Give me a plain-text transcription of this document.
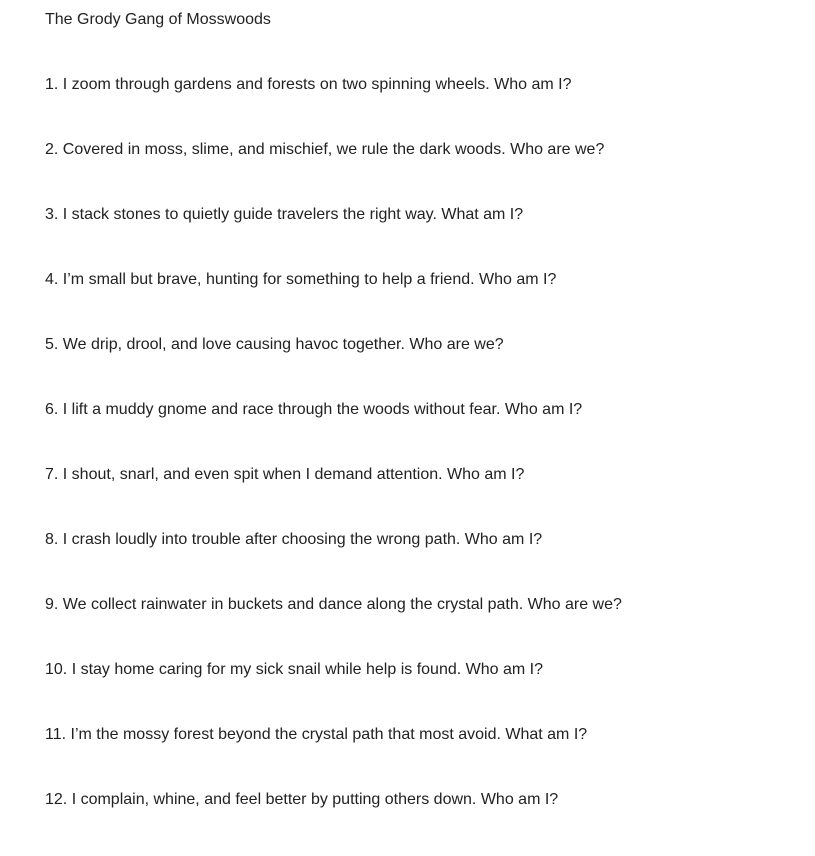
The Grody Gang of Mosswoods
1. I zoom through gardens and forests on two spinning wheels. Who am I?
2. Covered in moss, slime, and mischief, we rule the dark woods. Who are we?
3. I stack stones to quietly guide travelers the right way. What am I?
4. I’m small but brave, hunting for something to help a friend. Who am I?
5. We drip, drool, and love causing havoc together. Who are we?
6. I lift a muddy gnome and race through the woods without fear. Who am I?
7. I shout, snarl, and even spit when I demand attention. Who am I?
8. I crash loudly into trouble after choosing the wrong path. Who am I?
9. We collect rainwater in buckets and dance along the crystal path. Who are we?
10. I stay home caring for my sick snail while help is found. Who am I?
11. I’m the mossy forest beyond the crystal path that most avoid. What am I?
12. I complain, whine, and feel better by putting others down. Who am I?
